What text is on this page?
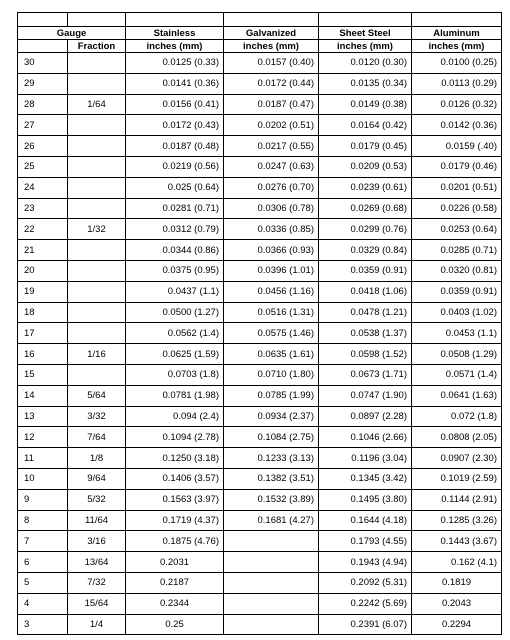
Gauge		Stainless	Galvanized	Sheet Steel	Aluminum
	Fraction	inches (mm)	inches (mm)	inches (mm)	inches (mm)
30		0.0125 (0.33)	0.0157 (0.40)	0.0120 (0.30)	0.0100 (0.25)
29		0.0141 (0.36)	0.0172 (0.44)	0.0135 (0.34)	0.0113 (0.29)
28	1/64	0.0156 (0.41)	0.0187 (0.47)	0.0149 (0.38)	0.0126 (0.32)
27		0.0172 (0.43)	0.0202 (0.51)	0.0164 (0.42)	0.0142 (0.36)
26		0.0187 (0.48)	0.0217 (0.55)	0.0179 (0.45)	0.0159 (.40)
25		0.0219 (0.56)	0.0247 (0.63)	0.0209 (0.53)	0.0179 (0.46)
24		0.025 (0.64)	0.0276 (0.70)	0.0239 (0.61)	0.0201 (0.51)
23		0.0281 (0.71)	0.0306 (0.78)	0.0269 (0.68)	0.0226 (0.58)
22	1/32	0.0312 (0.79)	0.0336 (0.85)	0.0299 (0.76)	0.0253 (0.64)
21		0.0344 (0.86)	0.0366 (0.93)	0.0329 (0.84)	0.0285 (0.71)
20		0.0375 (0.95)	0.0396 (1.01)	0.0359 (0.91)	0.0320 (0.81)
19		0.0437 (1.1)	0.0456 (1.16)	0.0418 (1.06)	0.0359 (0.91)
18		0.0500 (1.27)	0.0516 (1.31)	0.0478 (1.21)	0.0403 (1.02)
17		0.0562 (1.4)	0.0575 (1.46)	0.0538 (1.37)	0.0453 (1.1)
16	1/16	0.0625 (1.59)	0.0635 (1.61)	0.0598 (1.52)	0.0508 (1.29)
15		0.0703 (1.8)	0.0710 (1.80)	0.0673 (1.71)	0.0571 (1.4)
14	5/64	0.0781 (1.98)	0.0785 (1.99)	0.0747 (1.90)	0.0641 (1.63)
13	3/32	0.094 (2.4)	0.0934 (2.37)	0.0897 (2.28)	0.072 (1.8)
12	7/64	0.1094 (2.78)	0.1084 (2.75)	0.1046 (2.66)	0.0808 (2.05)
11	1/8	0.1250 (3.18)	0.1233 (3.13)	0.1196 (3.04)	0.0907 (2.30)
10	9/64	0.1406 (3.57)	0.1382 (3.51)	0.1345 (3.42)	0.1019 (2.59)
9	5/32	0.1563 (3.97)	0.1532 (3.89)	0.1495 (3.80)	0.1144 (2.91)
8	11/64	0.1719 (4.37)	0.1681 (4.27)	0.1644 (4.18)	0.1285 (3.26)
7	3/16	0.1875 (4.76)		0.1793 (4.55)	0.1443 (3.67)
6	13/64	0.2031		0.1943 (4.94)	0.162 (4.1)
5	7/32	0.2187		0.2092 (5.31)	0.1819
4	15/64	0.2344		0.2242 (5.69)	0.2043
3	1/4	0.25		0.2391 (6.07)	0.2294
